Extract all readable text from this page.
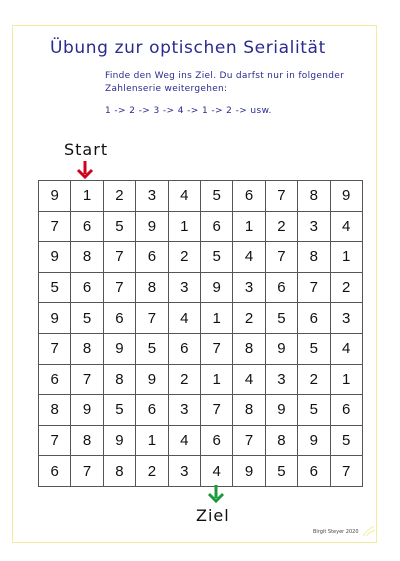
Übung zur optischen Serialität
Finde den Weg ins Ziel. Du darfst nur in folgender Zahlenserie weitergehen:
1 -> 2 -> 3 -> 4 -> 1 -> 2 -> usw.
Start
9	1	2	3	4	5	6	7	8	9
7	6	5	9	1	6	1	2	3	4
9	8	7	6	2	5	4	7	8	1
5	6	7	8	3	9	3	6	7	2
9	5	6	7	4	1	2	5	6	3
7	8	9	5	6	7	8	9	5	4
6	7	8	9	2	1	4	3	2	1
8	9	5	6	3	7	8	9	5	6
7	8	9	1	4	6	7	8	9	5
6	7	8	2	3	4	9	5	6	7
Ziel
Birgit Steyer 2020
